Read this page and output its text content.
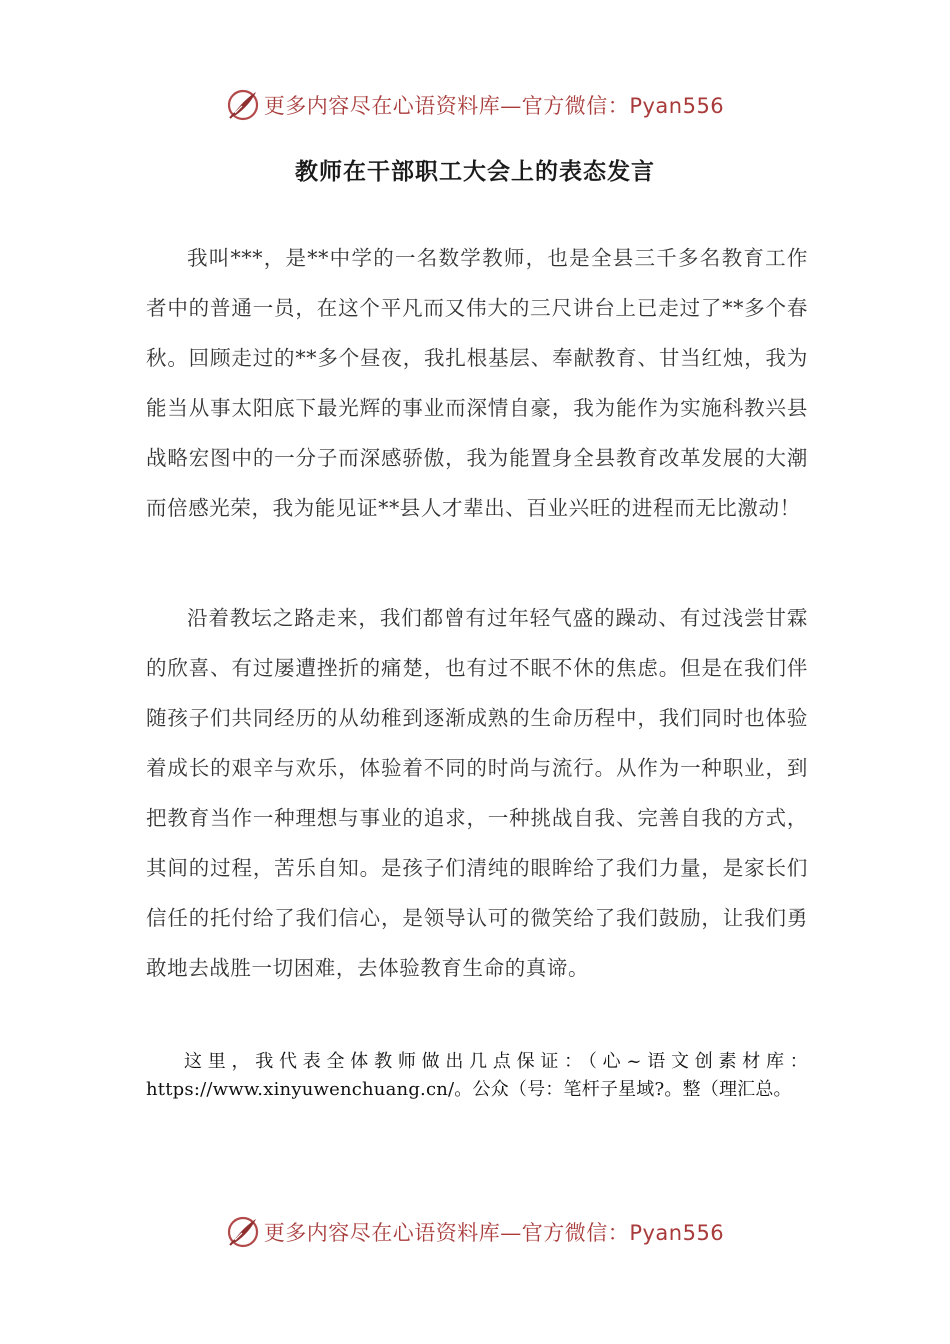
更多内容尽在心语资料库—官方微信：Pyan556
教师在干部职工大会上的表态发言

我叫***，是**中学的一名数学教师，也是全县三千多名教育工作者中的普通一员，在这个平凡而又伟大的三尺讲台上已走过了**多个春秋。回顾走过的**多个昼夜，我扎根基层、奉献教育、甘当红烛，我为能当从事太阳底下最光辉的事业而深情自豪，我为能作为实施科教兴县战略宏图中的一分子而深感骄傲，我为能置身全县教育改革发展的大潮而倍感光荣，我为能见证**县人才辈出、百业兴旺的进程而无比激动！

沿着教坛之路走来，我们都曾有过年轻气盛的躁动、有过浅尝甘霖的欣喜、有过屡遭挫折的痛楚，也有过不眠不休的焦虑。但是在我们伴随孩子们共同经历的从幼稚到逐渐成熟的生命历程中，我们同时也体验着成长的艰辛与欢乐，体验着不同的时尚与流行。从作为一种职业，到把教育当作一种理想与事业的追求，一种挑战自我、完善自我的方式，其间的过程，苦乐自知。是孩子们清纯的眼眸给了我们力量，是家长们信任的托付给了我们信心，是领导认可的微笑给了我们鼓励，让我们勇敢地去战胜一切困难，去体验教育生命的真谛。

这里，我代表全体教师做出几点保证：（心~语文创素材库：https://www.xinyuwenchuang.cn/。公众（号：笔杆子星域?。整（理汇总。

更多内容尽在心语资料库—官方微信：Pyan556
